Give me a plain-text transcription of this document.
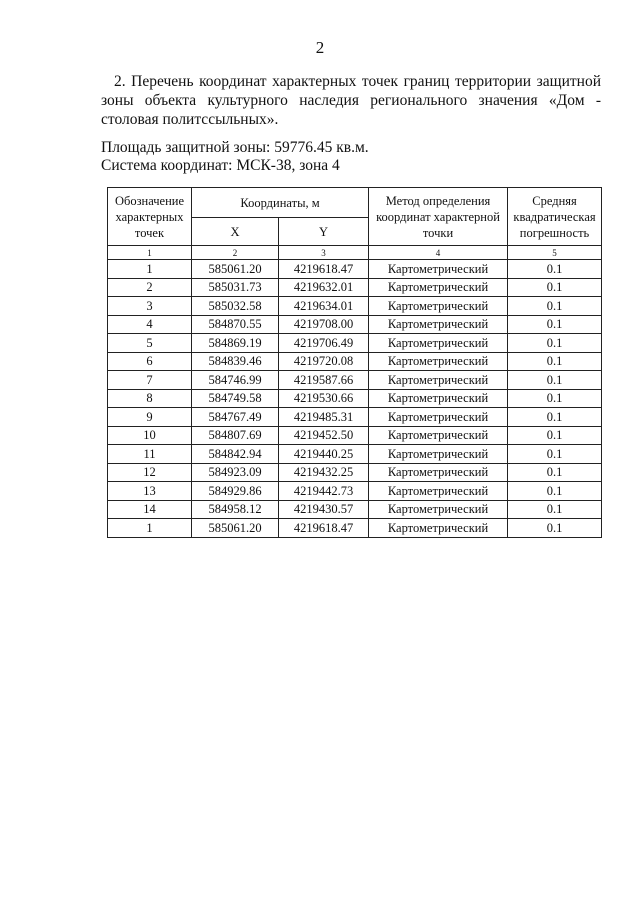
2
2. Перечень координат характерных точек границ территории защитной зоны объекта культурного наследия регионального значения «Дом - столовая политссыльных».
Площадь защитной зоны: 59776.45 кв.м.
Система координат: МСК-38, зона 4
Обозначение характерных точек	Координаты, м		Метод определения координат характерной точки	Средняя квадратическая погрешность
	X	Y		
1	2	3	4	5
1	585061.20	4219618.47	Картометрический	0.1
2	585031.73	4219632.01	Картометрический	0.1
3	585032.58	4219634.01	Картометрический	0.1
4	584870.55	4219708.00	Картометрический	0.1
5	584869.19	4219706.49	Картометрический	0.1
6	584839.46	4219720.08	Картометрический	0.1
7	584746.99	4219587.66	Картометрический	0.1
8	584749.58	4219530.66	Картометрический	0.1
9	584767.49	4219485.31	Картометрический	0.1
10	584807.69	4219452.50	Картометрический	0.1
11	584842.94	4219440.25	Картометрический	0.1
12	584923.09	4219432.25	Картометрический	0.1
13	584929.86	4219442.73	Картометрический	0.1
14	584958.12	4219430.57	Картометрический	0.1
1	585061.20	4219618.47	Картометрический	0.1
